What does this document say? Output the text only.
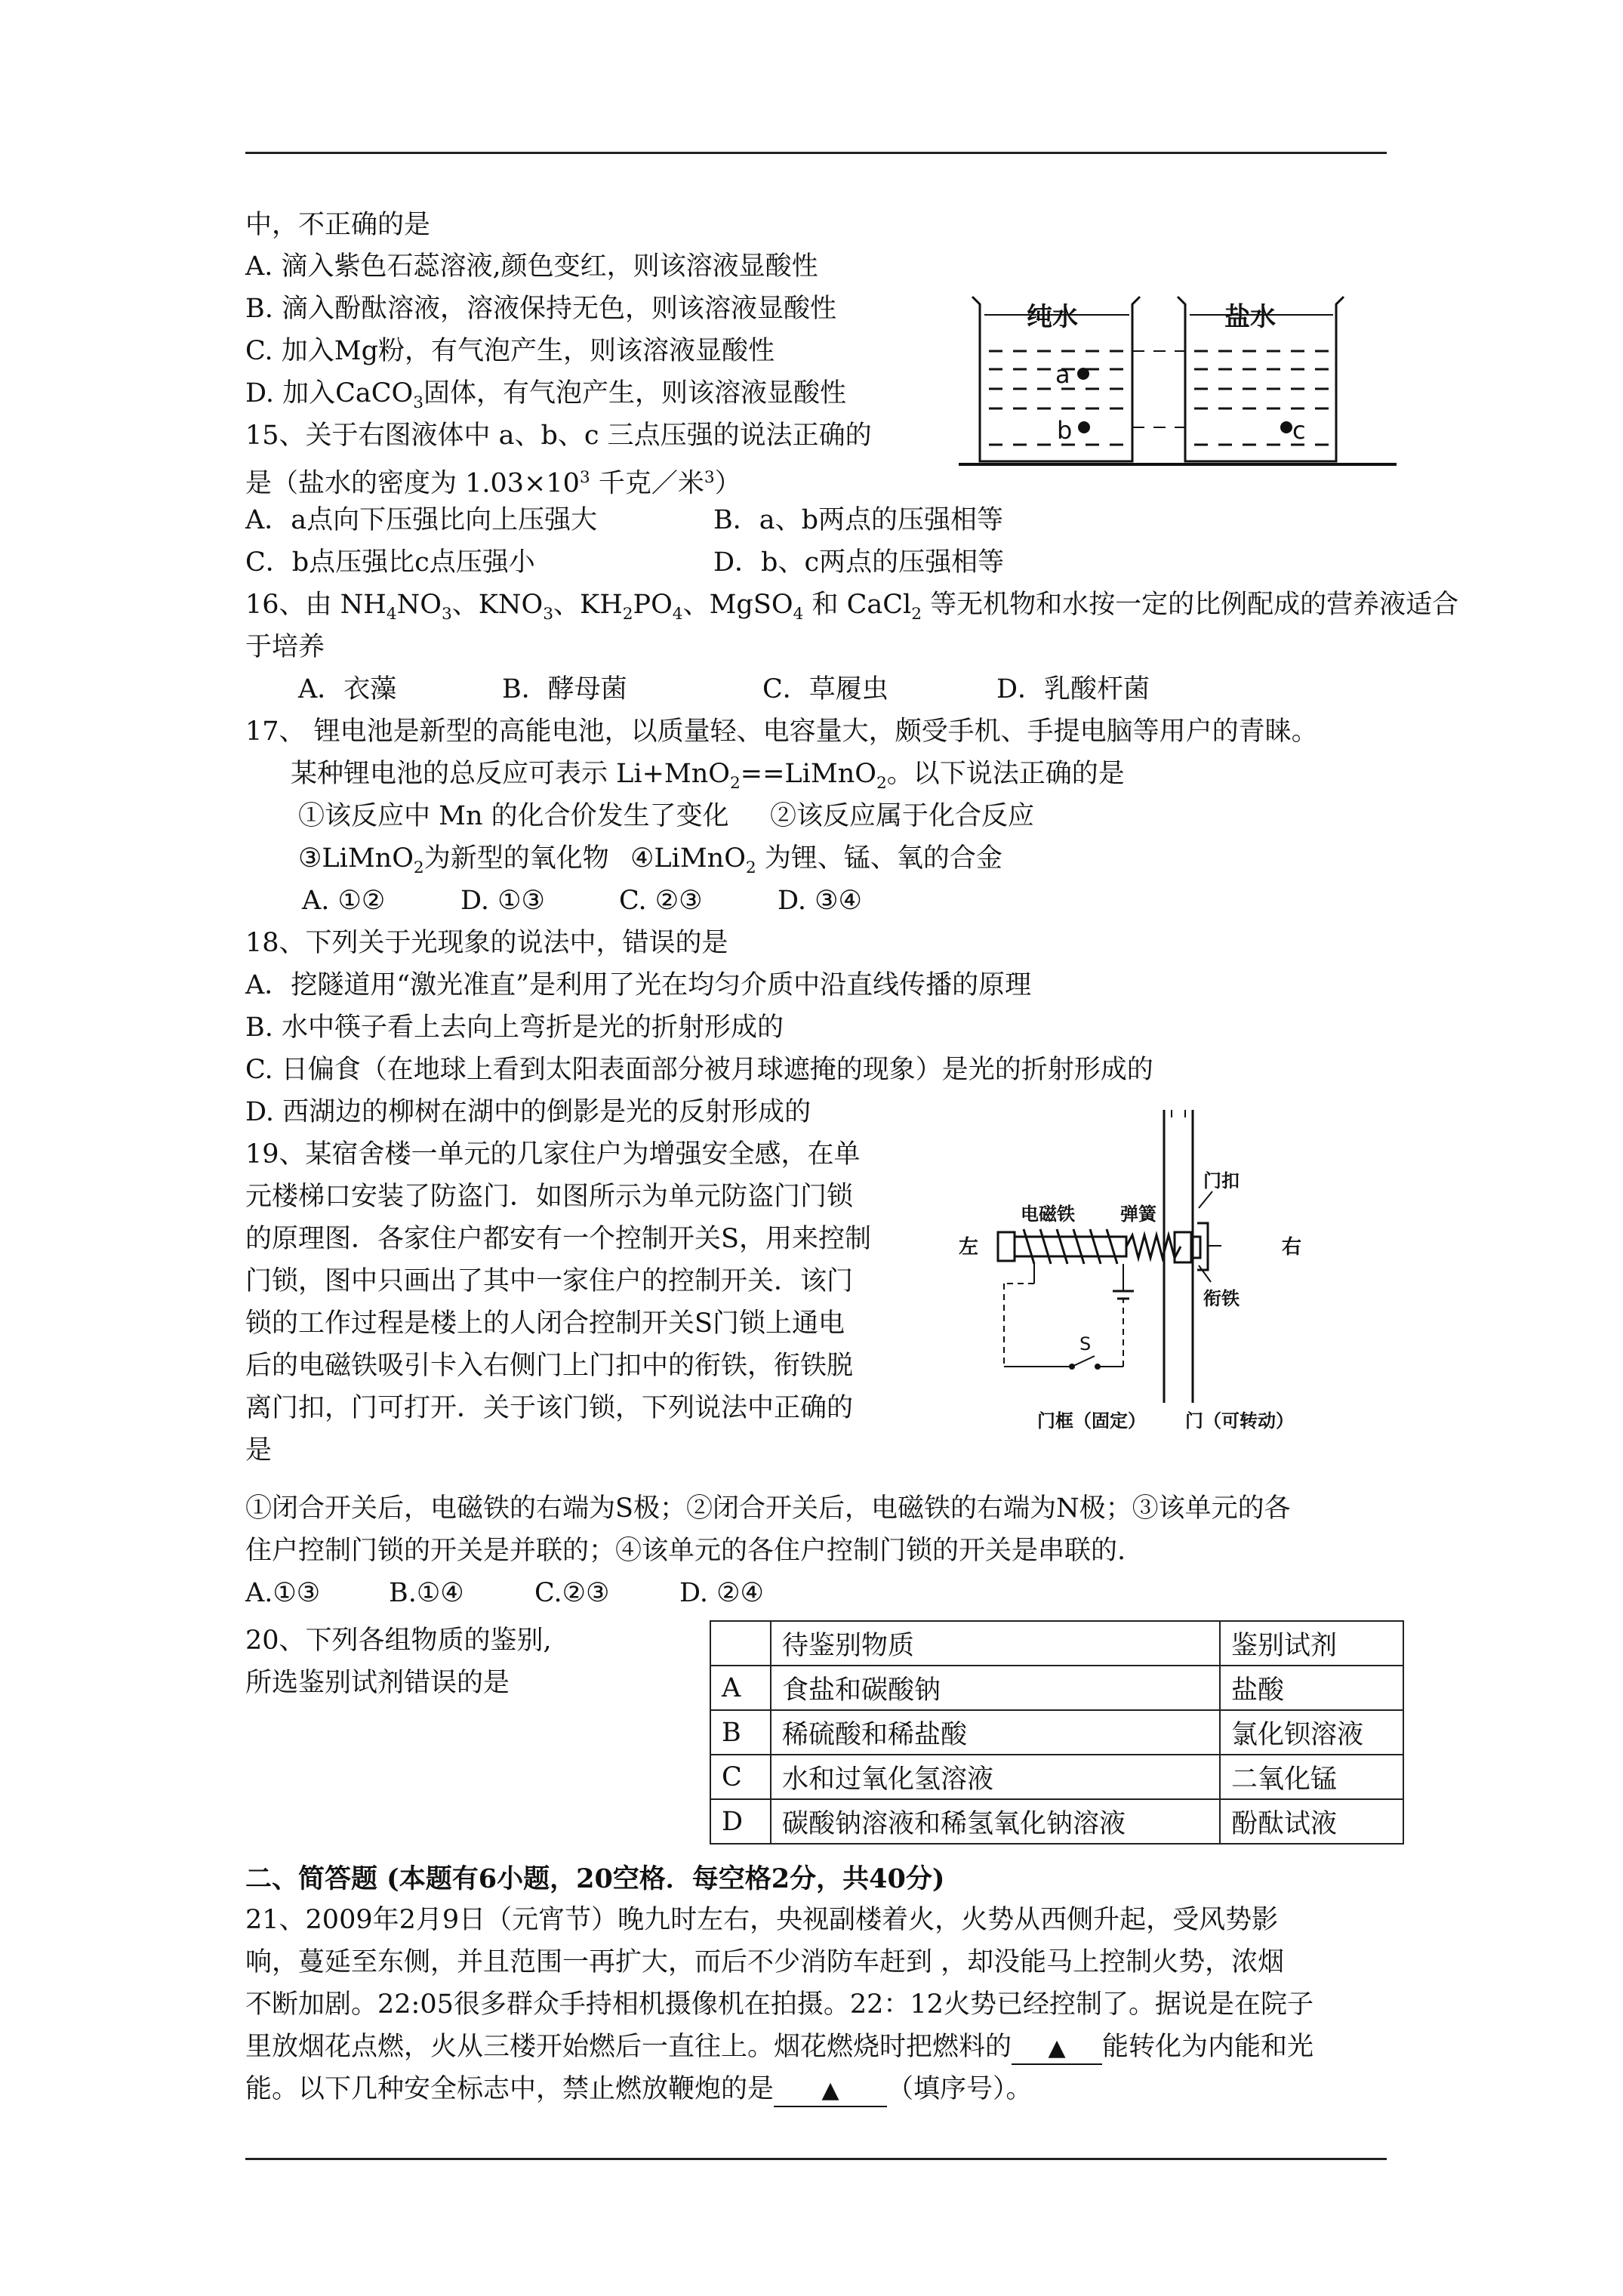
中，不正确的是
A. 滴入紫色石蕊溶液,颜色变红，则该溶液显酸性
B. 滴入酚酞溶液，溶液保持无色，则该溶液显酸性
C. 加入Mg粉，有气泡产生，则该溶液显酸性
D. 加入CaCO$_3$固体，有气泡产生，则该溶液显酸性
纯水	盐水
a
b	c
15、关于右图液体中 a、b、c 三点压强的说法正确的
是（盐水的密度为 $1.03\times 10^3$ 千克／米$^3$）
A．a点向下压强比向上压强大	B．a、b两点的压强相等
C．b点压强比c点压强小	D．b、c两点的压强相等
16、由 $NH_4NO_3$、$KNO_3$、$KH_2PO_4$、MgSO$_4$ 和 CaCl$_2$ 等无机物和水按一定的比例配成的营养液适合
于培养
A．衣藻	B．酵母菌	C．草履虫	D．乳酸杆菌
17、 锂电池是新型的高能电池，以质量轻、电容量大，颇受手机、手提电脑等用户的青睐。
某种锂电池的总反应可表示 Li+MnO$_2$==LiMnO$_2$。以下说法正确的是
①该反应中 Mn 的化合价发生了变化 ②该反应属于化合反应
③LiMnO$_2$为新型的氧化物 ④LiMnO$_2$ 为锂、锰、氧的合金
A. ①②	D. ①③	C. ②③	D. ③④
18、下列关于光现象的说法中，错误的是
A．挖隧道用“激光准直”是利用了光在均匀介质中沿直线传播的原理
B. 水中筷子看上去向上弯折是光的折射形成的
C. 日偏食（在地球上看到太阳表面部分被月球遮掩的现象）是光的折射形成的
D. 西湖边的柳树在湖中的倒影是光的反射形成的
19、某宿舍楼一单元的几家住户为增强安全感，在单
元楼梯口安装了防盗门．如图所示为单元防盗门门锁
的原理图．各家住户都安有一个控制开关S，用来控制
门锁，图中只画出了其中一家住户的控制开关．该门
锁的工作过程是楼上的人闭合控制开关S门锁上通电
后的电磁铁吸引卡入右侧门上门扣中的衔铁，衔铁脱
离门扣，门可打开．关于该门锁，下列说法中正确的
是
电磁铁	弹簧
门扣
左	右
衔铁
S
门框（固定） 门（可转动）
①闭合开关后，电磁铁的右端为S极；②闭合开关后，电磁铁的右端为N极；③该单元的各
住户控制门锁的开关是并联的；④该单元的各住户控制门锁的开关是串联的.
A.①③	B.①④	C.②③	D. ②④
20、下列各组物质的鉴别,
所选鉴别试剂错误的是
	待鉴别物质	鉴别试剂
A	食盐和碳酸钠	盐酸
B	稀硫酸和稀盐酸	氯化钡溶液
C	水和过氧化氢溶液	二氧化锰
D	碳酸钠溶液和稀氢氧化钠溶液	酚酞试液
二、简答题 (本题有6小题，20空格．每空格2分，共40分)
21、2009年2月9日（元宵节）晚九时左右，央视副楼着火，火势从西侧升起，受风势影
响，蔓延至东侧，并且范围一再扩大，而后不少消防车赶到 ，却没能马上控制火势，浓烟
不断加剧。22:05很多群众手持相机摄像机在拍摄。22：12火势已经控制了。据说是在院子
里放烟花点燃，火从三楼开始燃后一直往上。烟花燃烧时把燃料的 ▲ 能转化为内能和光
能。以下几种安全标志中，禁止燃放鞭炮的是 ▲ （填序号）。
